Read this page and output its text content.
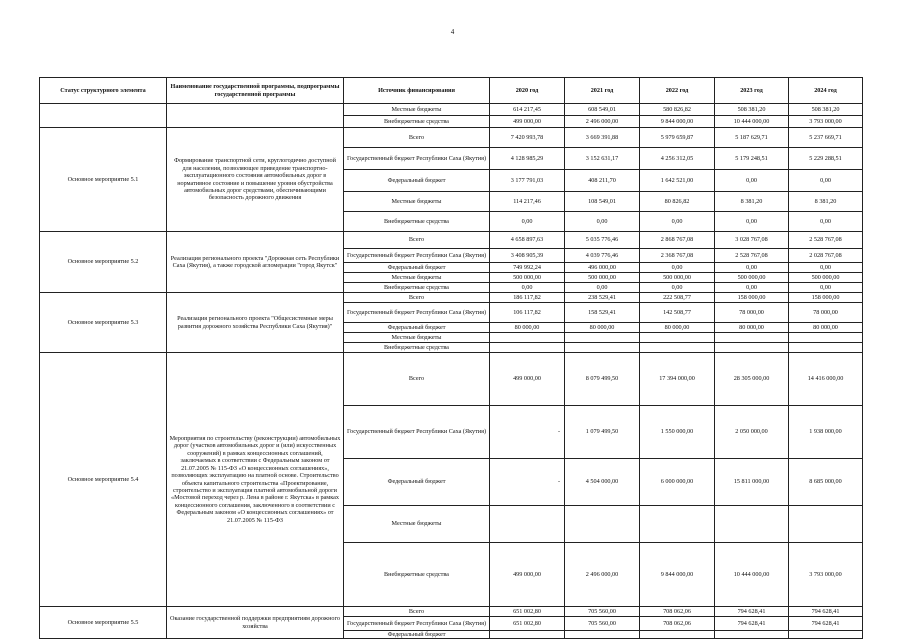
4
Статус структурного элемента	Наименование государственной программы, подпрограммы государственной программы	Источник финансирования	2020 год	2021 год	2022 год	2023 год	2024 год
		Местные бюджеты	614 217,45	608 549,01	580 826,82	508 381,20	508 381,20
		Внебюджетные средства	499 000,00	2 496 000,00	9 844 000,00	10 444 000,00	3 793 000,00
Основное мероприятие 5.1	Формирование транспортной сети, круглогодично доступной для населения, позволяющее приведение транспортно-эксплуатационного состояния автомобильных дорог в нормативное состояние и повышение уровня обустройства автомобильных дорог средствами, обеспечивающими безопасность дорожного движения	Всего	7 420 993,78	3 669 391,88	5 979 659,87	5 187 629,71	5 237 669,71
		Государственный бюджет Республики Саха (Якутия)	4 128 985,29	3 152 631,17	4 256 312,05	5 179 248,51	5 229 288,51
		Федеральный бюджет	3 177 791,03	408 211,70	1 642 521,00	0,00	0,00
		Местные бюджеты	114 217,46	108 549,01	80 826,82	8 381,20	8 381,20
		Внебюджетные средства	0,00	0,00	0,00	0,00	0,00
Основное мероприятие 5.2	Реализация регионального проекта "Дорожная сеть Республики Саха (Якутия), а также городской агломерации "город Якутск"	Всего	4 658 897,63	5 035 776,46	2 868 767,08	3 028 767,08	2 528 767,08
		Государственный бюджет Республики Саха (Якутия)	3 408 905,39	4 039 776,46	2 368 767,08	2 528 767,08	2 028 767,08
		Федеральный бюджет	749 992,24	496 000,00	0,00	0,00	0,00
		Местные бюджеты	500 000,00	500 000,00	500 000,00	500 000,00	500 000,00
		Внебюджетные средства	0,00	0,00	0,00	0,00	0,00
Основное мероприятие 5.3	Реализация регионального проекта "Общесистемные меры развития дорожного хозяйства Республики Саха (Якутия)"	Всего	186 117,82	238 529,41	222 508,77	158 000,00	158 000,00
		Государственный бюджет Республики Саха (Якутия)	106 117,82	158 529,41	142 508,77	78 000,00	78 000,00
		Федеральный бюджет	80 000,00	80 000,00	80 000,00	80 000,00	80 000,00
		Местные бюджеты					
		Внебюджетные средства					
Основное мероприятие 5.4	Мероприятия по строительству (реконструкции) автомобильных дорог (участков автомобильных дорог и (или) искусственных сооружений) в рамках концессионных соглашений, заключаемых в соответствии с Федеральным законом от 21.07.2005 № 115-ФЗ «О концессионных соглашениях», позволяющих эксплуатацию на платной основе. Строительство объекта капитального строительства «Проектирование, строительство и эксплуатация платной автомобильной дороги «Мостовой переход через р. Лена в районе г. Якутска» в рамках концессионного соглашения, заключенного в соответствии с Федеральным законом «О концессионных соглашениях» от 21.07.2005 № 115-ФЗ	Всего	499 000,00	8 079 499,50	17 394 000,00	28 305 000,00	14 416 000,00
		Государственный бюджет Республики Саха (Якутия)	-	1 079 499,50	1 550 000,00	2 050 000,00	1 938 000,00
		Федеральный бюджет	-	4 504 000,00	6 000 000,00	15 811 000,00	8 685 000,00
		Местные бюджеты					
		Внебюджетные средства	499 000,00	2 496 000,00	9 844 000,00	10 444 000,00	3 793 000,00
Основное мероприятие 5.5	Оказание государственной поддержки предприятиям дорожного хозяйства	Всего	651 002,80	705 560,00	708 062,06	794 628,41	794 628,41
		Государственный бюджет Республики Саха (Якутия)	651 002,80	705 560,00	708 062,06	794 628,41	794 628,41
		Федеральный бюджет					
